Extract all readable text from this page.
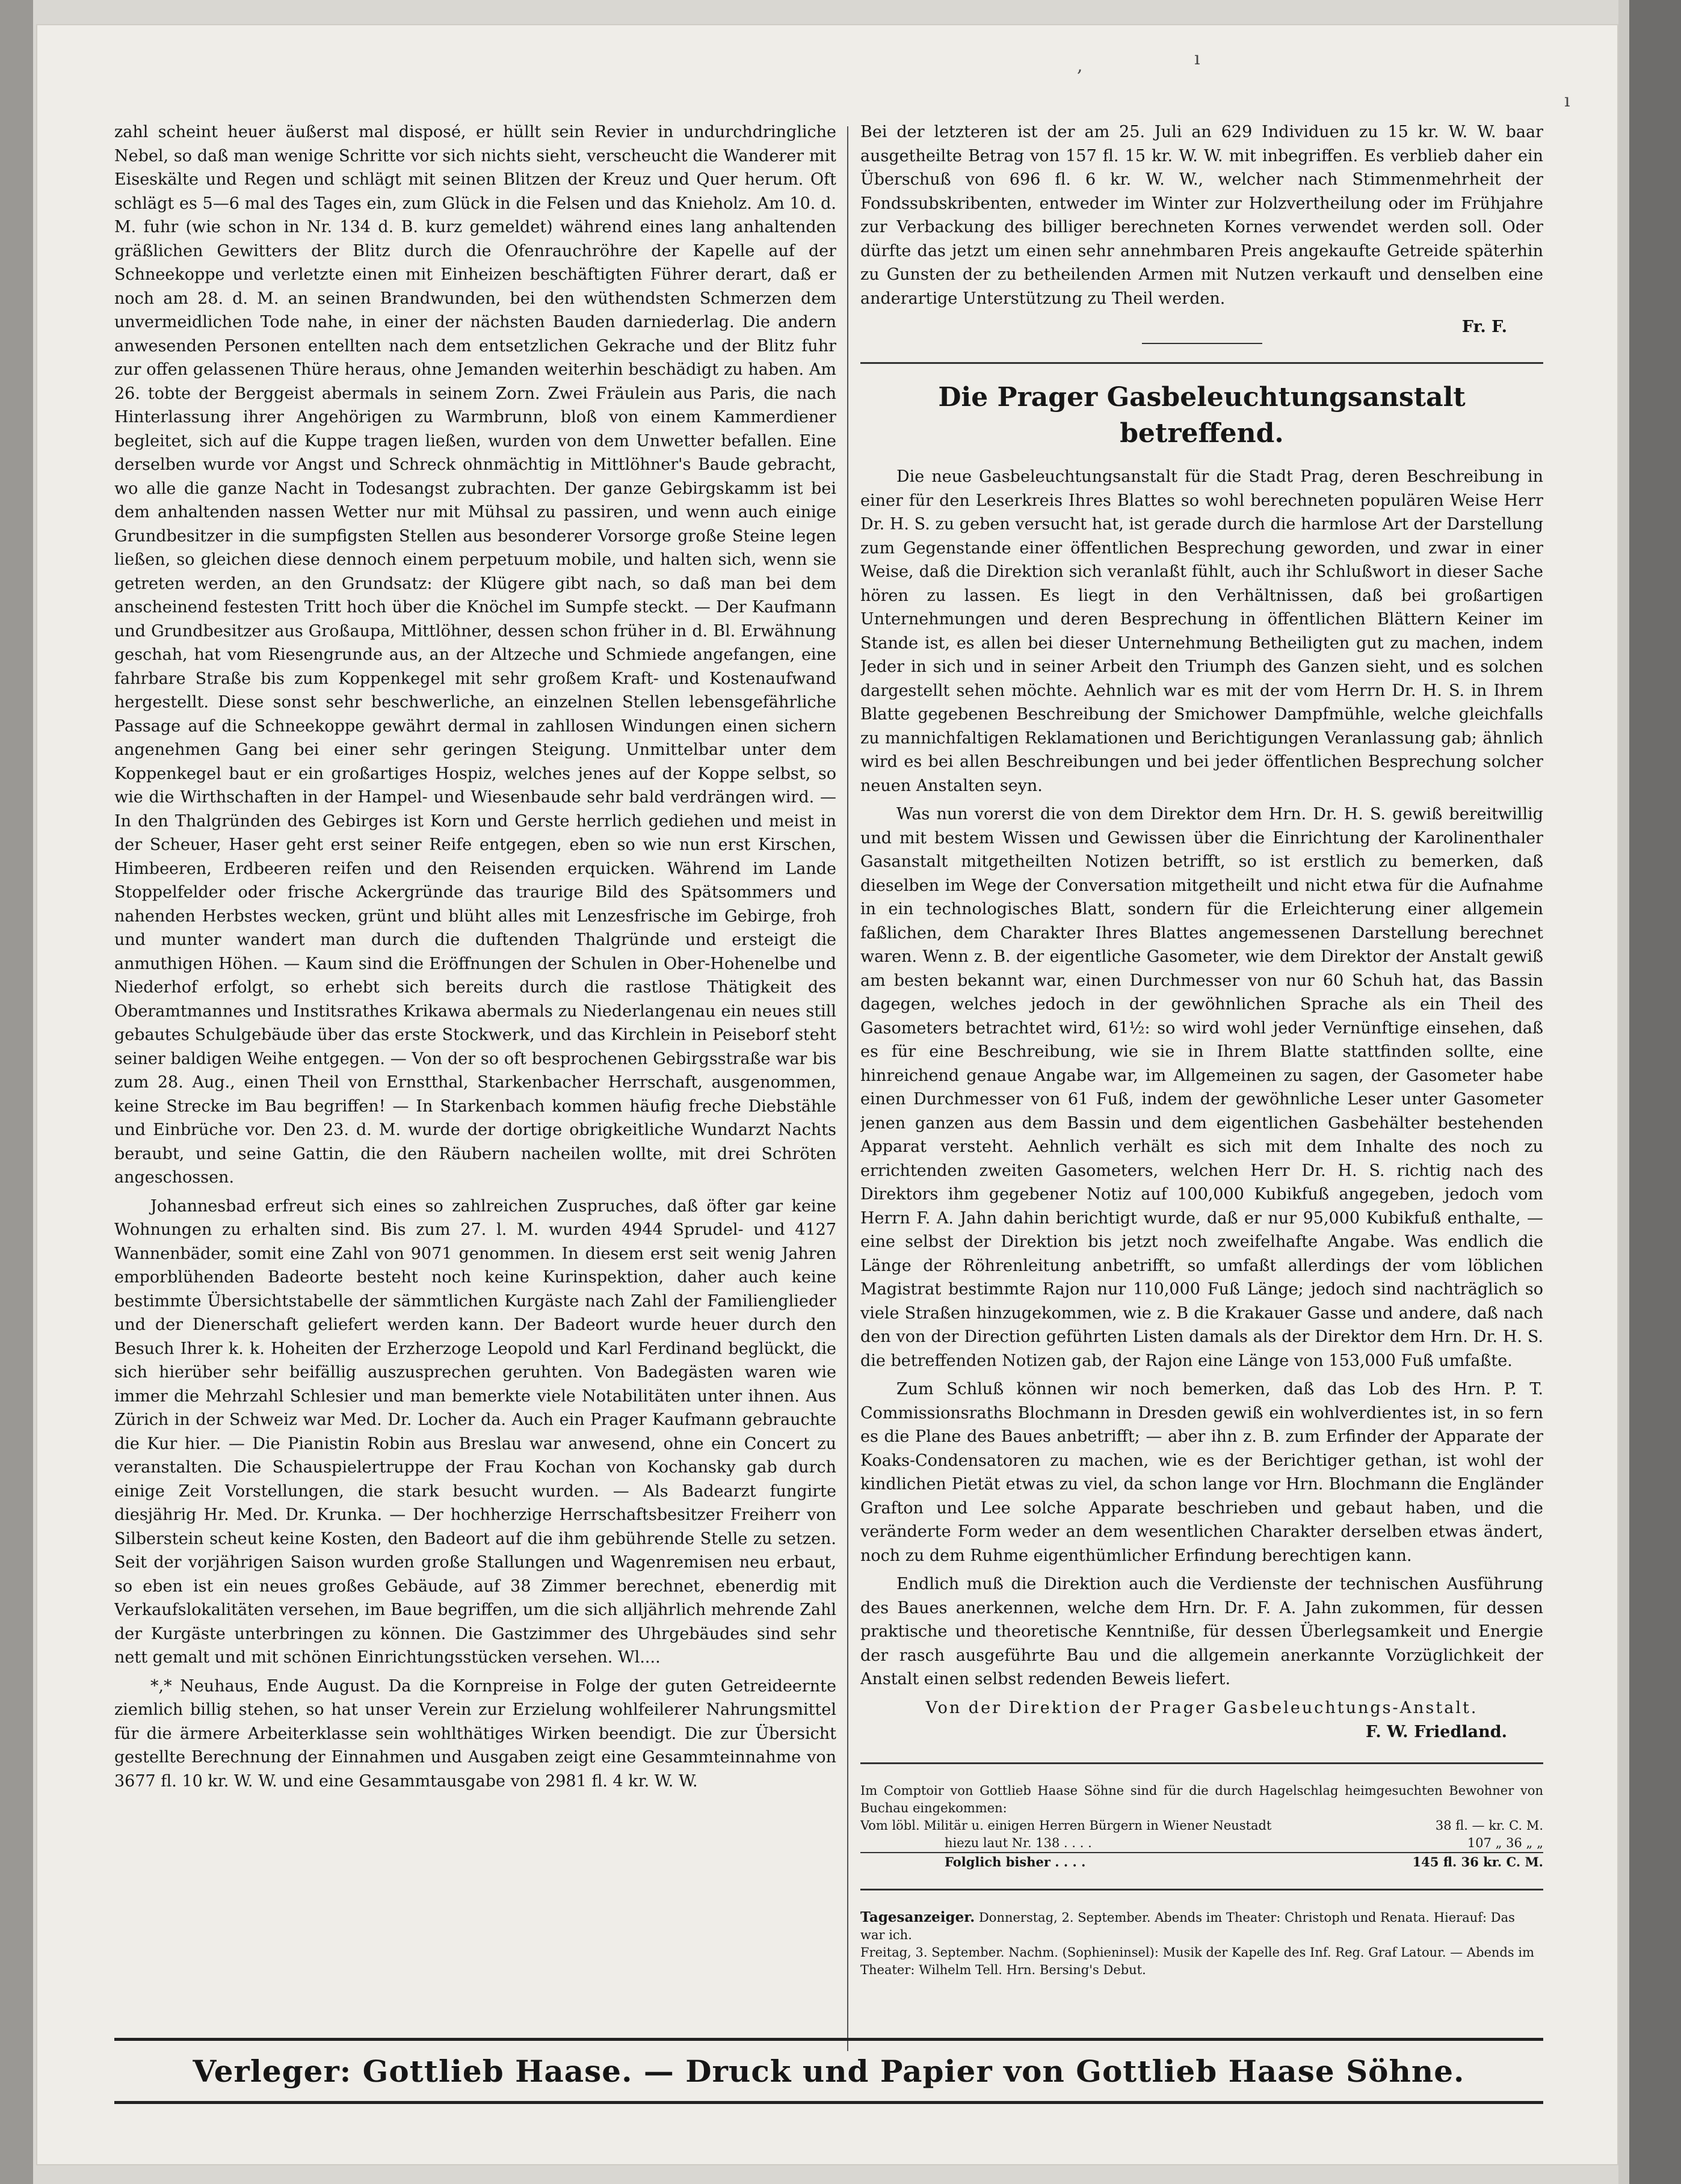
,	ı
ı

zahl scheint heuer äußerst mal disposé, er hüllt sein Revier in undurchdringliche Nebel, so daß man wenige Schritte vor sich nichts sieht, verscheucht die Wanderer mit Eiseskälte und Regen und schlägt mit seinen Blitzen der Kreuz und Quer herum. Oft schlägt es 5—6 mal des Tages ein, zum Glück in die Felsen und das Knieholz. Am 10. d. M. fuhr (wie schon in Nr. 134 d. B. kurz gemeldet) während eines lang anhaltenden gräßlichen Gewitters der Blitz durch die Ofenrauchröhre der Kapelle auf der Schneekoppe und verletzte einen mit Einheizen beschäftigten Führer derart, daß er noch am 28. d. M. an seinen Brandwunden, bei den wüthendsten Schmerzen dem unvermeidlichen Tode nahe, in einer der nächsten Bauden darniederlag. Die andern anwesenden Personen entellten nach dem entsetzlichen Gekrache und der Blitz fuhr zur offen gelassenen Thüre heraus, ohne Jemanden weiterhin beschädigt zu haben. Am 26. tobte der Berggeist abermals in seinem Zorn. Zwei Fräulein aus Paris, die nach Hinterlassung ihrer Angehörigen zu Warmbrunn, bloß von einem Kammerdiener begleitet, sich auf die Kuppe tragen ließen, wurden von dem Unwetter befallen. Eine derselben wurde vor Angst und Schreck ohnmächtig in Mittlöhner's Baude gebracht, wo alle die ganze Nacht in Todesangst zubrachten. Der ganze Gebirgskamm ist bei dem anhaltenden nassen Wetter nur mit Mühsal zu passiren, und wenn auch einige Grundbesitzer in die sumpfigsten Stellen aus besonderer Vorsorge große Steine legen ließen, so gleichen diese dennoch einem perpetuum mobile, und halten sich, wenn sie getreten werden, an den Grundsatz: der Klügere gibt nach, so daß man bei dem anscheinend festesten Tritt hoch über die Knöchel im Sumpfe steckt. — Der Kaufmann und Grundbesitzer aus Großaupa, Mittlöhner, dessen schon früher in d. Bl. Erwähnung geschah, hat vom Riesengrunde aus, an der Altzeche und Schmiede angefangen, eine fahrbare Straße bis zum Koppenkegel mit sehr großem Kraft- und Kostenaufwand hergestellt. Diese sonst sehr beschwerliche, an einzelnen Stellen lebensgefährliche Passage auf die Schneekoppe gewährt dermal in zahllosen Windungen einen sichern angenehmen Gang bei einer sehr geringen Steigung. Unmittelbar unter dem Koppenkegel baut er ein großartiges Hospiz, welches jenes auf der Koppe selbst, so wie die Wirthschaften in der Hampel- und Wiesenbaude sehr bald verdrängen wird. — In den Thalgründen des Gebirges ist Korn und Gerste herrlich gediehen und meist in der Scheuer, Haser geht erst seiner Reife entgegen, eben so wie nun erst Kirschen, Himbeeren, Erdbeeren reifen und den Reisenden erquicken. Während im Lande Stoppelfelder oder frische Ackergründe das traurige Bild des Spätsommers und nahenden Herbstes wecken, grünt und blüht alles mit Lenzesfrische im Gebirge, froh und munter wandert man durch die duftenden Thalgründe und ersteigt die anmuthigen Höhen. — Kaum sind die Eröffnungen der Schulen in Ober-Hohenelbe und Niederhof erfolgt, so erhebt sich bereits durch die rastlose Thätigkeit des Oberamtmannes und Institsrathes Krikawa abermals zu Niederlangenau ein neues still gebautes Schulgebäude über das erste Stockwerk, und das Kirchlein in Peiseborf steht seiner baldigen Weihe entgegen. — Von der so oft besprochenen Gebirgsstraße war bis zum 28. Aug., einen Theil von Ernstthal, Starkenbacher Herrschaft, ausgenommen, keine Strecke im Bau begriffen! — In Starkenbach kommen häufig freche Diebstähle und Einbrüche vor. Den 23. d. M. wurde der dortige obrigkeitliche Wundarzt Nachts beraubt, und seine Gattin, die den Räubern nacheilen wollte, mit drei Schröten angeschossen.

Johannesbad erfreut sich eines so zahlreichen Zuspruches, daß öfter gar keine Wohnungen zu erhalten sind. Bis zum 27. l. M. wurden 4944 Sprudel- und 4127 Wannenbäder, somit eine Zahl von 9071 genommen. In diesem erst seit wenig Jahren emporblühenden Badeorte besteht noch keine Kurinspektion, daher auch keine bestimmte Übersichtstabelle der sämmtlichen Kurgäste nach Zahl der Familienglieder und der Dienerschaft geliefert werden kann. Der Badeort wurde heuer durch den Besuch Ihrer k. k. Hoheiten der Erzherzoge Leopold und Karl Ferdinand beglückt, die sich hierüber sehr beifällig auszusprechen geruhten. Von Badegästen waren wie immer die Mehrzahl Schlesier und man bemerkte viele Notabilitäten unter ihnen. Aus Zürich in der Schweiz war Med. Dr. Locher da. Auch ein Prager Kaufmann gebrauchte die Kur hier. — Die Pianistin Robin aus Breslau war anwesend, ohne ein Concert zu veranstalten. Die Schauspielertruppe der Frau Kochan von Kochansky gab durch einige Zeit Vorstellungen, die stark besucht wurden. — Als Badearzt fungirte diesjährig Hr. Med. Dr. Krunka. — Der hochherzige Herrschaftsbesitzer Freiherr von Silberstein scheut keine Kosten, den Badeort auf die ihm gebührende Stelle zu setzen. Seit der vorjährigen Saison wurden große Stallungen und Wagenremisen neu erbaut, so eben ist ein neues großes Gebäude, auf 38 Zimmer berechnet, ebenerdig mit Verkaufslokalitäten versehen, im Baue begriffen, um die sich alljährlich mehrende Zahl der Kurgäste unterbringen zu können. Die Gastzimmer des Uhrgebäudes sind sehr nett gemalt und mit schönen Einrichtungsstücken versehen. Wl....

*,* Neuhaus, Ende August. Da die Kornpreise in Folge der guten Getreideernte ziemlich billig stehen, so hat unser Verein zur Erzielung wohlfeilerer Nahrungsmittel für die ärmere Arbeiterklasse sein wohlthätiges Wirken beendigt. Die zur Übersicht gestellte Berechnung der Einnahmen und Ausgaben zeigt eine Gesammteinnahme von 3677 fl. 10 kr. W. W. und eine Gesammtausgabe von 2981 fl. 4 kr. W. W.

Bei der letzteren ist der am 25. Juli an 629 Individuen zu 15 kr. W. W. baar ausgetheilte Betrag von 157 fl. 15 kr. W. W. mit inbegriffen. Es verblieb daher ein Überschuß von 696 fl. 6 kr. W. W., welcher nach Stimmenmehrheit der Fondssubskribenten, entweder im Winter zur Holzvertheilung oder im Frühjahre zur Verbackung des billiger berechneten Kornes verwendet werden soll. Oder dürfte das jetzt um einen sehr annehmbaren Preis angekaufte Getreide späterhin zu Gunsten der zu betheilenden Armen mit Nutzen verkauft und denselben eine anderartige Unterstützung zu Theil werden.

Fr. F.
Die Prager Gasbeleuchtungsanstalt betreffend.

Die neue Gasbeleuchtungsanstalt für die Stadt Prag, deren Beschreibung in einer für den Leserkreis Ihres Blattes so wohl berechneten populären Weise Herr Dr. H. S. zu geben versucht hat, ist gerade durch die harmlose Art der Darstellung zum Gegenstande einer öffentlichen Besprechung geworden, und zwar in einer Weise, daß die Direktion sich veranlaßt fühlt, auch ihr Schlußwort in dieser Sache hören zu lassen. Es liegt in den Verhältnissen, daß bei großartigen Unternehmungen und deren Besprechung in öffentlichen Blättern Keiner im Stande ist, es allen bei dieser Unternehmung Betheiligten gut zu machen, indem Jeder in sich und in seiner Arbeit den Triumph des Ganzen sieht, und es solchen dargestellt sehen möchte. Aehnlich war es mit der vom Herrn Dr. H. S. in Ihrem Blatte gegebenen Beschreibung der Smichower Dampfmühle, welche gleichfalls zu mannichfaltigen Reklamationen und Berichtigungen Veranlassung gab; ähnlich wird es bei allen Beschreibungen und bei jeder öffentlichen Besprechung solcher neuen Anstalten seyn.

Was nun vorerst die von dem Direktor dem Hrn. Dr. H. S. gewiß bereitwillig und mit bestem Wissen und Gewissen über die Einrichtung der Karolinenthaler Gasanstalt mitgetheilten Notizen betrifft, so ist erstlich zu bemerken, daß dieselben im Wege der Conversation mitgetheilt und nicht etwa für die Aufnahme in ein technologisches Blatt, sondern für die Erleichterung einer allgemein faßlichen, dem Charakter Ihres Blattes angemessenen Darstellung berechnet waren. Wenn z. B. der eigentliche Gasometer, wie dem Direktor der Anstalt gewiß am besten bekannt war, einen Durchmesser von nur 60 Schuh hat, das Bassin dagegen, welches jedoch in der gewöhnlichen Sprache als ein Theil des Gasometers betrachtet wird, 61½: so wird wohl jeder Vernünftige einsehen, daß es für eine Beschreibung, wie sie in Ihrem Blatte stattfinden sollte, eine hinreichend genaue Angabe war, im Allgemeinen zu sagen, der Gasometer habe einen Durchmesser von 61 Fuß, indem der gewöhnliche Leser unter Gasometer jenen ganzen aus dem Bassin und dem eigentlichen Gasbehälter bestehenden Apparat versteht. Aehnlich verhält es sich mit dem Inhalte des noch zu errichtenden zweiten Gasometers, welchen Herr Dr. H. S. richtig nach des Direktors ihm gegebener Notiz auf 100,000 Kubikfuß angegeben, jedoch vom Herrn F. A. Jahn dahin berichtigt wurde, daß er nur 95,000 Kubikfuß enthalte, — eine selbst der Direktion bis jetzt noch zweifelhafte Angabe. Was endlich die Länge der Röhrenleitung anbetrifft, so umfaßt allerdings der vom löblichen Magistrat bestimmte Rajon nur 110,000 Fuß Länge; jedoch sind nachträglich so viele Straßen hinzugekommen, wie z. B die Krakauer Gasse und andere, daß nach den von der Direction geführten Listen damals als der Direktor dem Hrn. Dr. H. S. die betreffenden Notizen gab, der Rajon eine Länge von 153,000 Fuß umfaßte.

Zum Schluß können wir noch bemerken, daß das Lob des Hrn. P. T. Commissionsraths Blochmann in Dresden gewiß ein wohlverdientes ist, in so fern es die Plane des Baues anbetrifft; — aber ihn z. B. zum Erfinder der Apparate der Koaks-Condensatoren zu machen, wie es der Berichtiger gethan, ist wohl der kindlichen Pietät etwas zu viel, da schon lange vor Hrn. Blochmann die Engländer Grafton und Lee solche Apparate beschrieben und gebaut haben, und die veränderte Form weder an dem wesentlichen Charakter derselben etwas ändert, noch zu dem Ruhme eigenthümlicher Erfindung berechtigen kann.

Endlich muß die Direktion auch die Verdienste der technischen Ausführung des Baues anerkennen, welche dem Hrn. Dr. F. A. Jahn zukommen, für dessen praktische und theoretische Kenntniße, für dessen Überlegsamkeit und Energie der rasch ausgeführte Bau und die allgemein anerkannte Vorzüglichkeit der Anstalt einen selbst redenden Beweis liefert.

Von der Direktion der Prager Gasbeleuchtungs-Anstalt.
F. W. Friedland.

Im Comptoir von Gottlieb Haase Söhne sind für die durch Hagelschlag heimgesuchten Bewohner von Buchau eingekommen:

Vom löbl. Militär u. einigen Herren Bürgern in Wiener Neustadt	38 fl. — kr. C. M.
hiezu laut Nr. 138 . . . .	107 „ 36 „ „
Folglich bisher . . . .	145 fl. 36 kr. C. M.
Tagesanzeiger. Donnerstag, 2. September. Abends im Theater: Christoph und Renata. Hierauf: Das war ich.
Freitag, 3. September. Nachm. (Sophieninsel): Musik der Kapelle des Inf. Reg. Graf Latour. — Abends im Theater: Wilhelm Tell. Hrn. Bersing's Debut.
Verleger: Gottlieb Haase. — Druck und Papier von Gottlieb Haase Söhne.
